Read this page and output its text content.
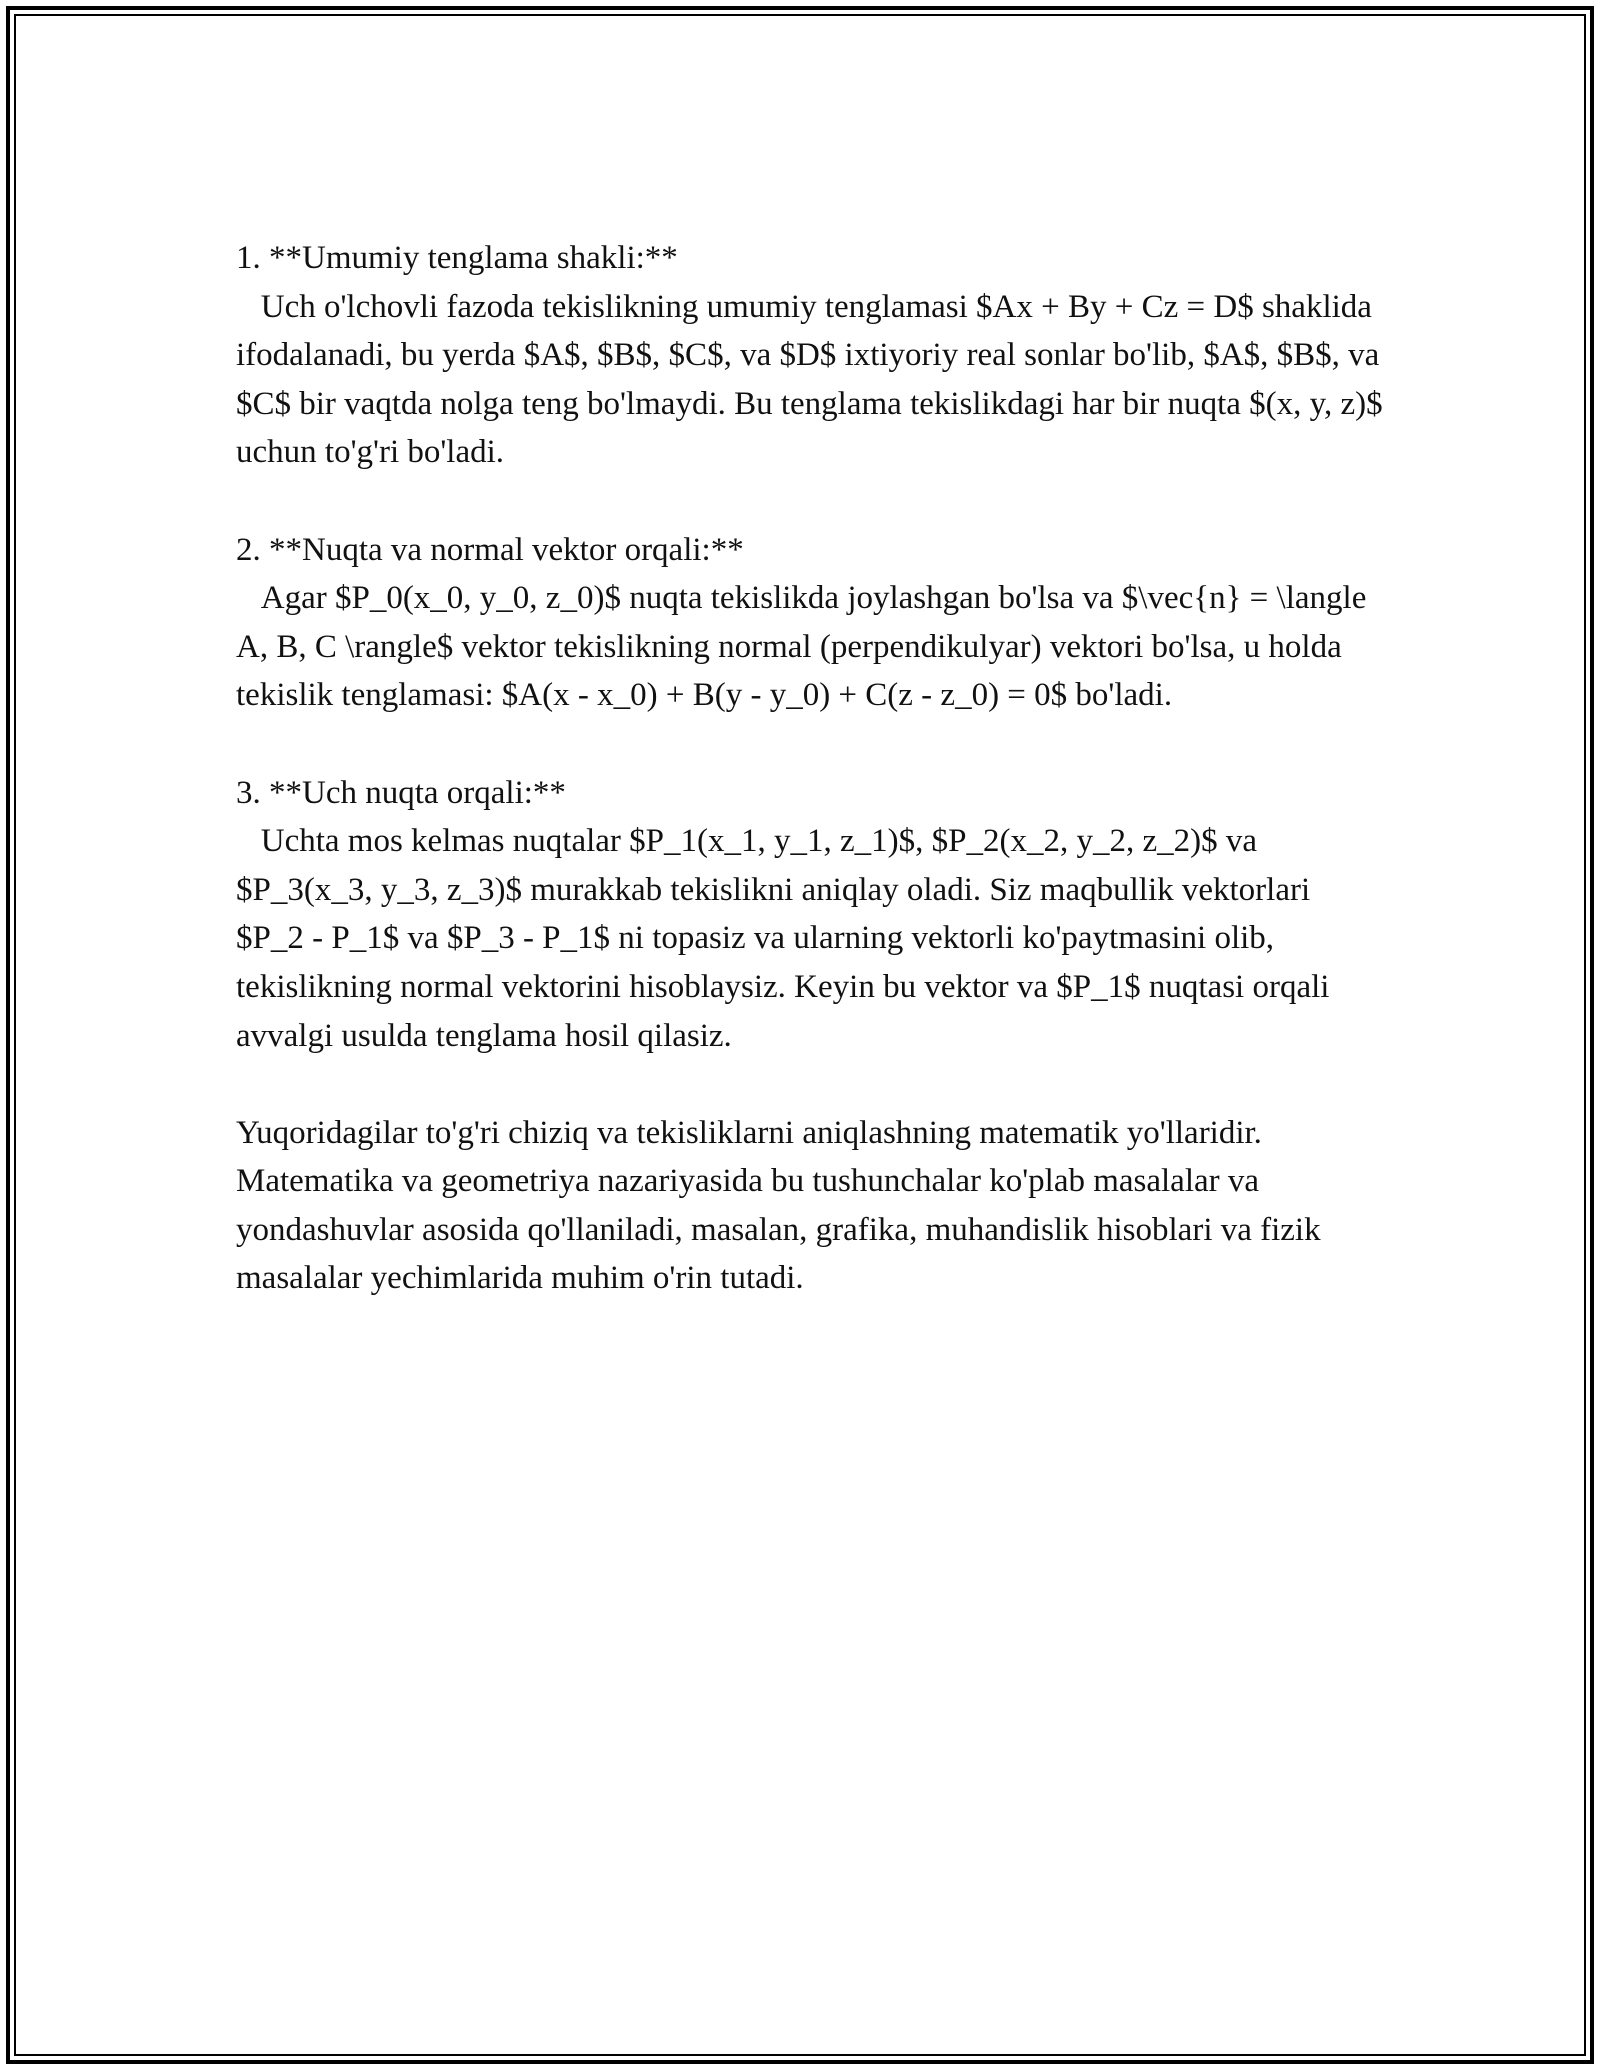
1. **Umumiy tenglama shakli:**

Uch o'lchovli fazoda tekislikning umumiy tenglamasi $Ax + By + Cz = D$ shaklida ifodalanadi, bu yerda $A$, $B$, $C$, va $D$ ixtiyoriy real sonlar bo'lib, $A$, $B$, va $C$ bir vaqtda nolga teng bo'lmaydi. Bu tenglama tekislikdagi har bir nuqta $(x, y, z)$ uchun to'g'ri bo'ladi.

2. **Nuqta va normal vektor orqali:**

Agar $P_0(x_0, y_0, z_0)$ nuqta tekislikda joylashgan bo'lsa va $\vec{n} = \langle A, B, C \rangle$ vektor tekislikning normal (perpendikulyar) vektori bo'lsa, u holda tekislik tenglamasi: $A(x - x_0) + B(y - y_0) + C(z - z_0) = 0$ bo'ladi.

3. **Uch nuqta orqali:**

Uchta mos kelmas nuqtalar $P_1(x_1, y_1, z_1)$, $P_2(x_2, y_2, z_2)$ va $P_3(x_3, y_3, z_3)$ murakkab tekislikni aniqlay oladi. Siz maqbullik vektorlari $P_2 - P_1$ va $P_3 - P_1$ ni topasiz va ularning vektorli ko'paytmasini olib, tekislikning normal vektorini hisoblaysiz. Keyin bu vektor va $P_1$ nuqtasi orqali avvalgi usulda tenglama hosil qilasiz.

Yuqoridagilar to'g'ri chiziq va tekisliklarni aniqlashning matematik yo'llaridir. Matematika va geometriya nazariyasida bu tushunchalar ko'plab masalalar va yondashuvlar asosida qo'llaniladi, masalan, grafika, muhandislik hisoblari va fizik masalalar yechimlarida muhim o'rin tutadi.
